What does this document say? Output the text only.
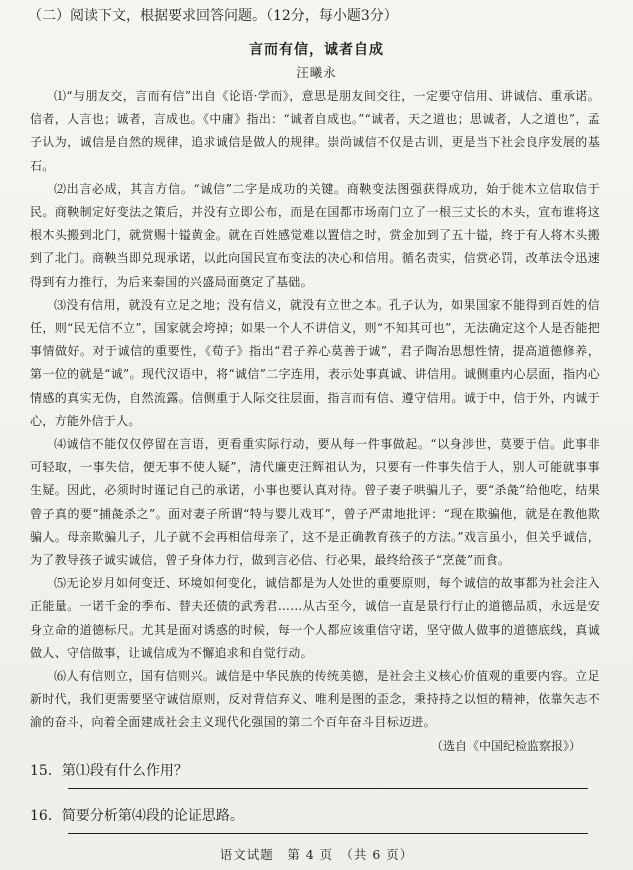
（二）阅读下文，根据要求回答问题。（12分，每小题3分）
言而有信，诚者自成
汪曦永

⑴“与朋友交，言而有信”出自《论语·学而》，意思是朋友间交往，一定要守信用、讲诚信、重承诺。信者，人言也；诚者，言成也。《中庸》指出：“诚者自成也。”“诚者，天之道也；思诚者，人之道也”，孟子认为，诚信是自然的规律，追求诚信是做人的规律。崇尚诚信不仅是古训，更是当下社会良序发展的基石。

⑵出言必成，其言方信。“诚信”二字是成功的关键。商鞅变法图强获得成功，始于徙木立信取信于民。商鞅制定好变法之策后，并没有立即公布，而是在国都市场南门立了一根三丈长的木头，宣布谁将这根木头搬到北门，就赏赐十镒黄金。就在百姓感觉难以置信之时，赏金加到了五十镒，终于有人将木头搬到了北门。商鞅当即兑现承诺，以此向国民宣布变法的决心和信用。循名责实，信赏必罚，改革法令迅速得到有力推行，为后来秦国的兴盛局面奠定了基础。

⑶没有信用，就没有立足之地；没有信义，就没有立世之本。孔子认为，如果国家不能得到百姓的信任，则“民无信不立”，国家就会垮掉；如果一个人不讲信义，则“不知其可也”，无法确定这个人是否能把事情做好。对于诚信的重要性，《荀子》指出“君子养心莫善于诚”，君子陶冶思想性情，提高道德修养，第一位的就是“诚”。现代汉语中，将“诚信”二字连用，表示处事真诚、讲信用。诚侧重内心层面，指内心情感的真实无伪，自然流露。信侧重于人际交往层面，指言而有信、遵守信用。诚于中，信于外，内诚于心，方能外信于人。

⑷诚信不能仅仅停留在言语，更看重实际行动，要从每一件事做起。“以身涉世，莫要于信。此事非可轻取，一事失信，便无事不使人疑”，清代廉吏汪辉祖认为，只要有一件事失信于人，别人可能就事事生疑。因此，必须时时谨记自己的承诺，小事也要认真对待。曾子妻子哄骗儿子，要“杀彘”给他吃，结果曾子真的要“捕彘杀之”。面对妻子所谓“特与婴儿戏耳”，曾子严肃地批评：“现在欺骗他，就是在教他欺骗人。母亲欺骗儿子，儿子就不会再相信母亲了，这不是正确教育孩子的方法。”戏言虽小，但关乎诚信，为了教导孩子诚实诚信，曾子身体力行，做到言必信、行必果，最终给孩子“烹彘”而食。

⑸无论岁月如何变迁、环境如何变化，诚信都是为人处世的重要原则，每个诚信的故事都为社会注入正能量。一诺千金的季布、替夫还债的武秀君……从古至今，诚信一直是景行行止的道德品质，永远是安身立命的道德标尺。尤其是面对诱惑的时候，每一个人都应该重信守诺，坚守做人做事的道德底线，真诚做人、守信做事，让诚信成为不懈追求和自觉行动。

⑹人有信则立，国有信则兴。诚信是中华民族的传统美德，是社会主义核心价值观的重要内容。立足新时代，我们更需要坚守诚信原则，反对背信弃义、唯利是图的歪念，秉持持之以恒的精神，依靠矢志不渝的奋斗，向着全面建成社会主义现代化强国的第二个百年奋斗目标迈进。

（选自《中国纪检监察报》）
15．第⑴段有什么作用？
16．简要分析第⑷段的论证思路。
语文试题　第 4 页　（共 6 页）
